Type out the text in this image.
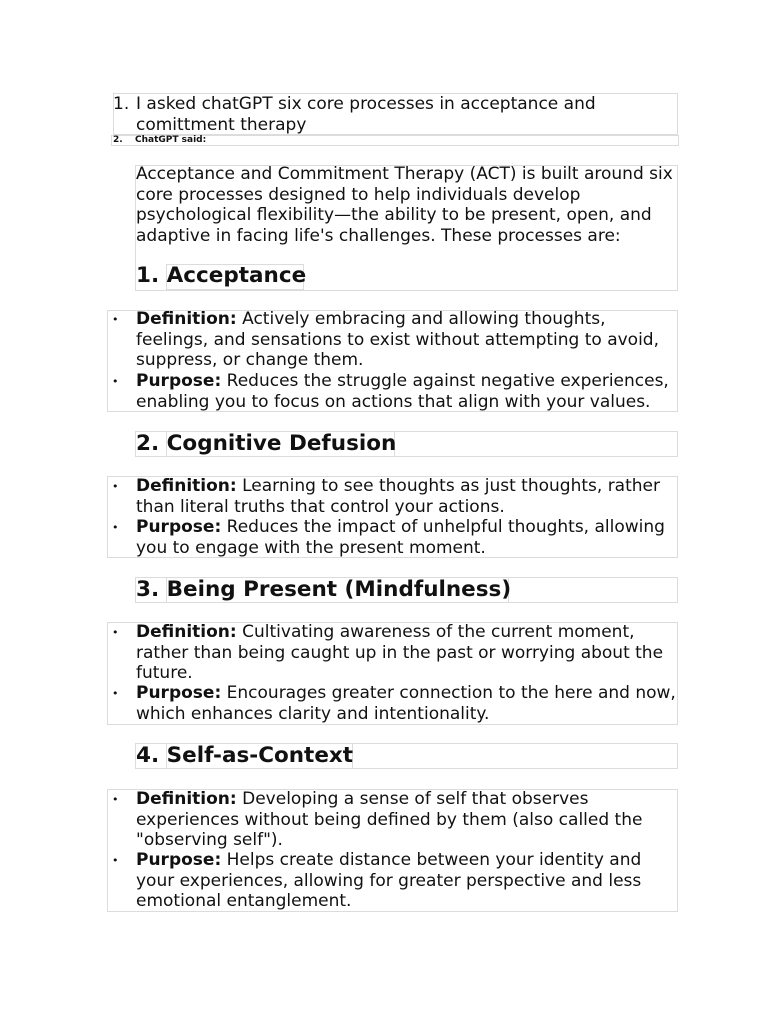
1. I asked chatGPT six core processes in acceptance and
comittment therapy
2. ChatGPT said:
Acceptance and Commitment Therapy (ACT) is built around six
core processes designed to help individuals develop
psychological flexibility—the ability to be present, open, and
adaptive in facing life's challenges. These processes are:
1. Acceptance
• Definition: Actively embracing and allowing thoughts,
feelings, and sensations to exist without attempting to avoid,
suppress, or change them.
• Purpose: Reduces the struggle against negative experiences,
enabling you to focus on actions that align with your values.
2. Cognitive Defusion
• Definition: Learning to see thoughts as just thoughts, rather
than literal truths that control your actions.
• Purpose: Reduces the impact of unhelpful thoughts, allowing
you to engage with the present moment.
3. Being Present (Mindfulness)
• Definition: Cultivating awareness of the current moment,
rather than being caught up in the past or worrying about the
future.
• Purpose: Encourages greater connection to the here and now,
which enhances clarity and intentionality.
4. Self-as-Context
• Definition: Developing a sense of self that observes
experiences without being defined by them (also called the
"observing self").
• Purpose: Helps create distance between your identity and
your experiences, allowing for greater perspective and less
emotional entanglement.
